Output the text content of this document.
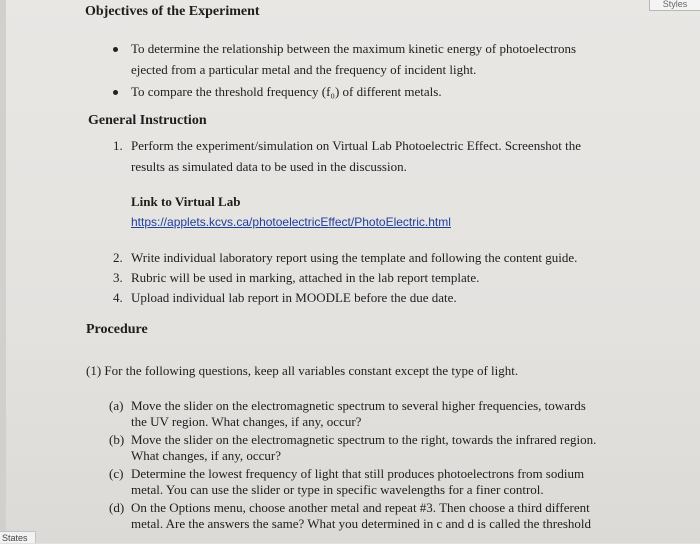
Styles
Objectives of the Experiment
To determine the relationship between the maximum kinetic energy of photoelectrons
ejected from a particular metal and the frequency of incident light.
To compare the threshold frequency (f₀) of different metals.
General Instruction
1. Perform the experiment/simulation on Virtual Lab Photoelectric Effect. Screenshot the
results as simulated data to be used in the discussion.
Link to Virtual Lab
https://applets.kcvs.ca/photoelectricEffect/PhotoElectric.html
2. Write individual laboratory report using the template and following the content guide.
3. Rubric will be used in marking, attached in the lab report template.
4. Upload individual lab report in MOODLE before the due date.
Procedure
(1) For the following questions, keep all variables constant except the type of light.
(a) Move the slider on the electromagnetic spectrum to several higher frequencies, towards
the UV region. What changes, if any, occur?
(b) Move the slider on the electromagnetic spectrum to the right, towards the infrared region.
What changes, if any, occur?
(c) Determine the lowest frequency of light that still produces photoelectrons from sodium
metal. You can use the slider or type in specific wavelengths for a finer control.
(d) On the Options menu, choose another metal and repeat #3. Then choose a third different
metal. Are the answers the same? What you determined in c and d is called the threshold
States
